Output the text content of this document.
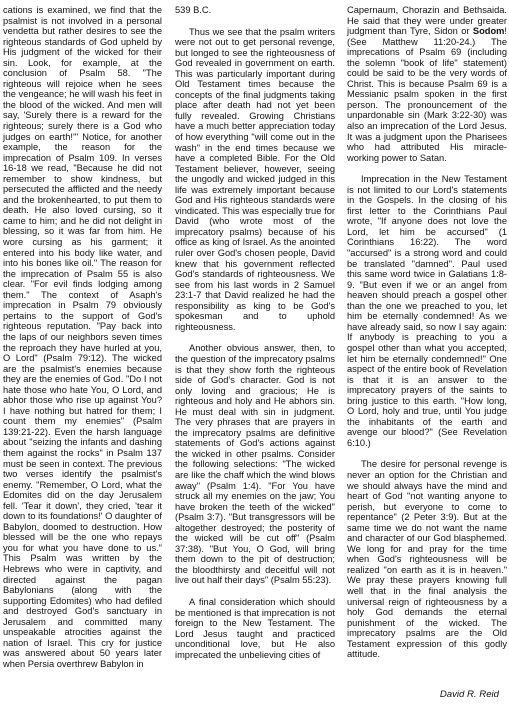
cations is examined, we find that the psalmist is not involved in a personal vendetta but rather desires to see the righteous standards of God upheld by His judgment of the wicked for their sin. Look, for example, at the conclusion of Psalm 58. "The righteous will rejoice when he sees the vengeance; he will wash his feet in the blood of the wicked. And men will say, 'Surely there is a reward for the righteous; surely there is a God who judges on earth!'" Notice, for another example, the reason for the imprecation of Psalm 109. In verses 16-18 we read, "Because he did not remember to show kindness, but persecuted the afflicted and the needy and the brokenhearted, to put them to death. He also loved cursing, so it came to him; and he did not delight in blessing, so it was far from him. He wore cursing as his garment; it entered into his body like water, and into his bones like oil." The reason for the imprecation of Psalm 55 is also clear. "For evil finds lodging among them." The context of Asaph's imprecation in Psalm 79 obviously pertains to the support of God's righteous reputation. "Pay back into the laps of our neighbors seven times the reproach they have hurled at you, O Lord" (Psalm 79:12). The wicked are the psalmist's enemies because they are the enemies of God. "Do I not hate those who hate You, O Lord, and abhor those who rise up against You? I have nothing but hatred for them; I count them my enemies" (Psalm 139:21-22). Even the harsh language about "seizing the infants and dashing them against the rocks" in Psalm 137 must be seen in context. The previous two verses identify the psalmist's enemy. "Remember, O Lord, what the Edomites did on the day Jerusalem fell. 'Tear it down', they cried, 'tear it down to its foundations!' O daughter of Babylon, doomed to destruction. How blessed will be the one who repays you for what you have done to us." This Psalm was written by the Hebrews who were in captivity, and directed against the pagan Babylonians (along with the supporting Edomites) who had defiled and destroyed God's sanctuary in Jerusalem and committed many unspeakable atrocities against the nation of Israel. This cry for justice was answered about 50 years later when Persia overthrew Babylon in

539 B.C.

Thus we see that the psalm writers were not out to get personal revenge, but longed to see the righteousness of God revealed in government on earth. This was particularly important during Old Testament times because the concepts of the final judgments taking place after death had not yet been fully revealed. Growing Christians have a much better appreciation today of how everything "will come out in the wash" in the end times because we have a completed Bible. For the Old Testament believer, however, seeing the ungodly and wicked judged in this life was extremely important because God and His righteous standards were vindicated. This was especially true for David (who wrote most of the imprecatory psalms) because of his office as king of Israel. As the anointed ruler over God's chosen people, David knew that his government reflected God's standards of righteousness. We see from his last words in 2 Samuel 23:1-7 that David realized he had the responsibility as king to be God's spokesman and to uphold righteousness.

Another obvious answer, then, to the question of the imprecatory psalms is that they show forth the righteous side of God's character. God is not only loving and gracious; He is righteous and holy and He abhors sin. He must deal with sin in judgment. The very phrases that are prayers in the imprecatory psalms are definitive statements of God's actions against the wicked in other psalms. Consider the following selections: "The wicked are like the chaff which the wind blows away" (Psalm 1:4). "For You have struck all my enemies on the jaw; You have broken the teeth of the wicked" (Psalm 3:7). "But transgressors will be altogether destroyed; the posterity of the wicked will be cut off" (Psalm 37:38). "But You, O God, will bring them down to the pit of destruction; the bloodthirsty and deceitful will not live out half their days" (Psalm 55:23).

A final consideration which should be mentioned is that imprecation is not foreign to the New Testament. The Lord Jesus taught and practiced unconditional love, but He also imprecated the unbelieving cities of

Capernaum, Chorazin and Bethsaida. He said that they were under greater judgment than Tyre, Sidon or Sodom! (See Matthew 11:20-24.) The imprecations of Psalm 69 (including the solemn "book of life" statement) could be said to be the very words of Christ. This is because Psalm 69 is a Messianic psalm spoken in the first person. The pronouncement of the unpardonable sin (Mark 3:22-30) was also an imprecation of the Lord Jesus. It was a judgment upon the Pharisees who had attributed His miracle-working power to Satan.

Imprecation in the New Testament is not limited to our Lord's statements in the Gospels. In the closing of his first letter to the Corinthians Paul wrote, "If anyone does not love the Lord, let him be accursed" (1 Corinthians 16:22). The word "accursed" is a strong word and could be translated "damned". Paul used this same word twice in Galatians 1:8-9. "But even if we or an angel from heaven should preach a gospel other than the one we preached to you, let him be eternally condemned! As we have already said, so now I say again: If anybody is preaching to you a gospel other than what you accepted, let him be eternally condemned!" One aspect of the entire book of Revelation is that it is an answer to the imprecatory prayers of the saints to bring justice to this earth. "How long, O Lord, holy and true, until You judge the inhabitants of the earth and avenge our blood?" (See Revelation 6:10.)

The desire for personal revenge is never an option for the Christian and we should always have the mind and heart of God "not wanting anyone to perish, but everyone to come to repentance" (2 Peter 3:9). But at the same time we do not want the name and character of our God blasphemed. We long for and pray for the time when God's righteousness will be realized "on earth as it is in heaven." We pray these prayers knowing full well that in the final analysis the universal reign of righteousness by a holy God demands the eternal punishment of the wicked. The imprecatory psalms are the Old Testament expression of this godly attitude.

David R. Reid
